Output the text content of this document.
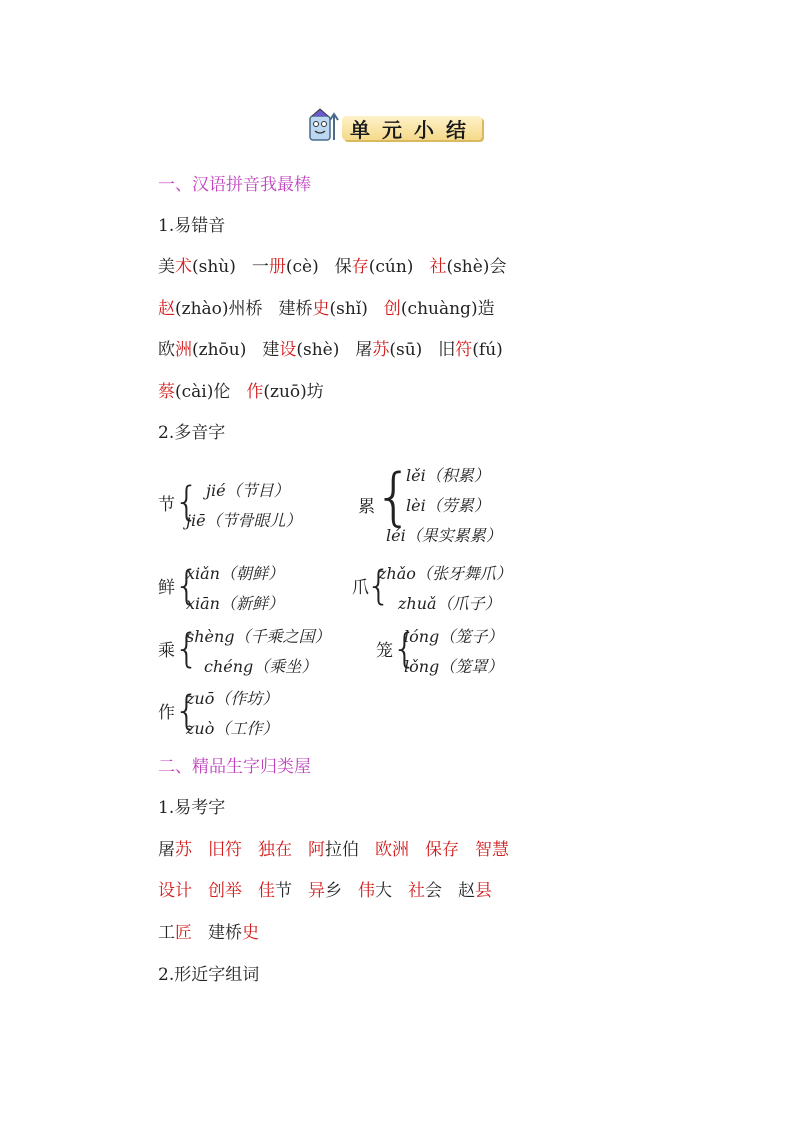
单元小结
一、汉语拼音我最棒
1.易错音
美术(shù) 一册(cè) 保存(cún) 社(shè)会
赵(zhào)州桥 建桥史(shǐ) 创(chuàng)造
欧洲(zhōu) 建设(shè) 屠苏(sū) 旧符(fú)
蔡(cài)伦 作(zuō)坊
2.多音字
节 { jié（节目）
jiē（节骨眼儿）
累 {
lěi（积累）
lèi（劳累）
léi（果实累累）
鲜 {
xiǎn（朝鲜）
xiān（新鲜）
爪
{
zhǎo（张牙舞爪）
zhuǎ（爪子）
乘 {
shèng（千乘之国）
chéng（乘坐）
笼 {
lóng（笼子）
lǒng（笼罩）
作 {
zuō（作坊）
zuò（工作）
二、精品生字归类屋
1.易考字
屠苏 旧符 独在 阿拉伯 欧洲 保存 智慧
设计 创举 佳节 异乡 伟大 社会 赵县
工匠 建桥史
2.形近字组词
